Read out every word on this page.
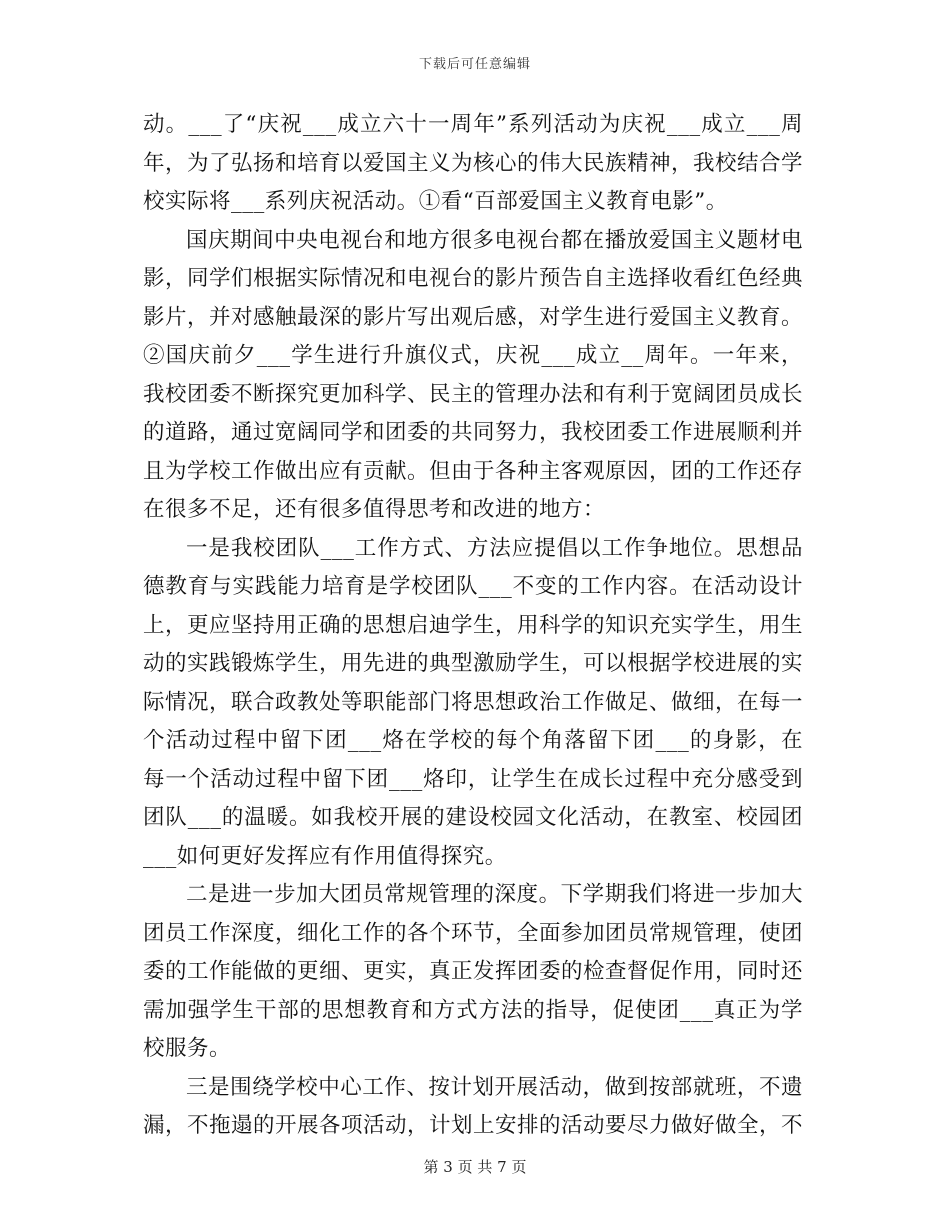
下载后可任意编辑

动。___了“庆祝___成立六十一周年”系列活动为庆祝___成立___周年，为了弘扬和培育以爱国主义为核心的伟大民族精神，我校结合学校实际将___系列庆祝活动。①看“百部爱国主义教育电影”。

国庆期间中央电视台和地方很多电视台都在播放爱国主义题材电影，同学们根据实际情况和电视台的影片预告自主选择收看红色经典影片，并对感触最深的影片写出观后感，对学生进行爱国主义教育。②国庆前夕___学生进行升旗仪式，庆祝___成立__周年。一年来，我校团委不断探究更加科学、民主的管理办法和有利于宽阔团员成长的道路，通过宽阔同学和团委的共同努力，我校团委工作进展顺利并且为学校工作做出应有贡献。但由于各种主客观原因，团的工作还存在很多不足，还有很多值得思考和改进的地方：

一是我校团队___工作方式、方法应提倡以工作争地位。思想品德教育与实践能力培育是学校团队___不变的工作内容。在活动设计上，更应坚持用正确的思想启迪学生，用科学的知识充实学生，用生动的实践锻炼学生，用先进的典型激励学生，可以根据学校进展的实际情况，联合政教处等职能部门将思想政治工作做足、做细，在每一个活动过程中留下团___烙在学校的每个角落留下团___的身影，在每一个活动过程中留下团___烙印，让学生在成长过程中充分感受到团队___的温暖。如我校开展的建设校园文化活动，在教室、校园团___如何更好发挥应有作用值得探究。

二是进一步加大团员常规管理的深度。下学期我们将进一步加大团员工作深度，细化工作的各个环节，全面参加团员常规管理，使团委的工作能做的更细、更实，真正发挥团委的检查督促作用，同时还需加强学生干部的思想教育和方式方法的指导，促使团___真正为学校服务。

三是围绕学校中心工作、按计划开展活动，做到按部就班，不遗漏，不拖遢的开展各项活动，计划上安排的活动要尽力做好做全，不

第 3 页 共 7 页
